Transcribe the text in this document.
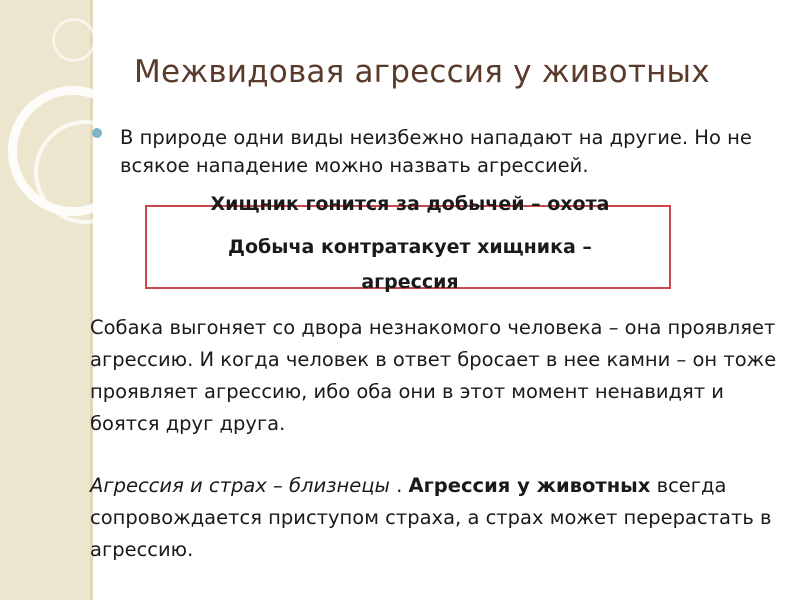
Межвидовая агрессия у животных
В природе одни виды неизбежно нападают на другие. Но не всякое нападение можно назвать агрессией.
Хищник гонится за добычей – охота
Добыча контратакует хищника –
агрессия
Собака выгоняет со двора незнакомого человека – она проявляет агрессию. И когда человек в ответ бросает в нее камни – он тоже проявляет агрессию, ибо оба они в этот момент ненавидят и боятся друг друга.
Агрессия и страх – близнецы . Агрессия у животных всегда сопровождается приступом страха, а страх может перерастать в агрессию.
